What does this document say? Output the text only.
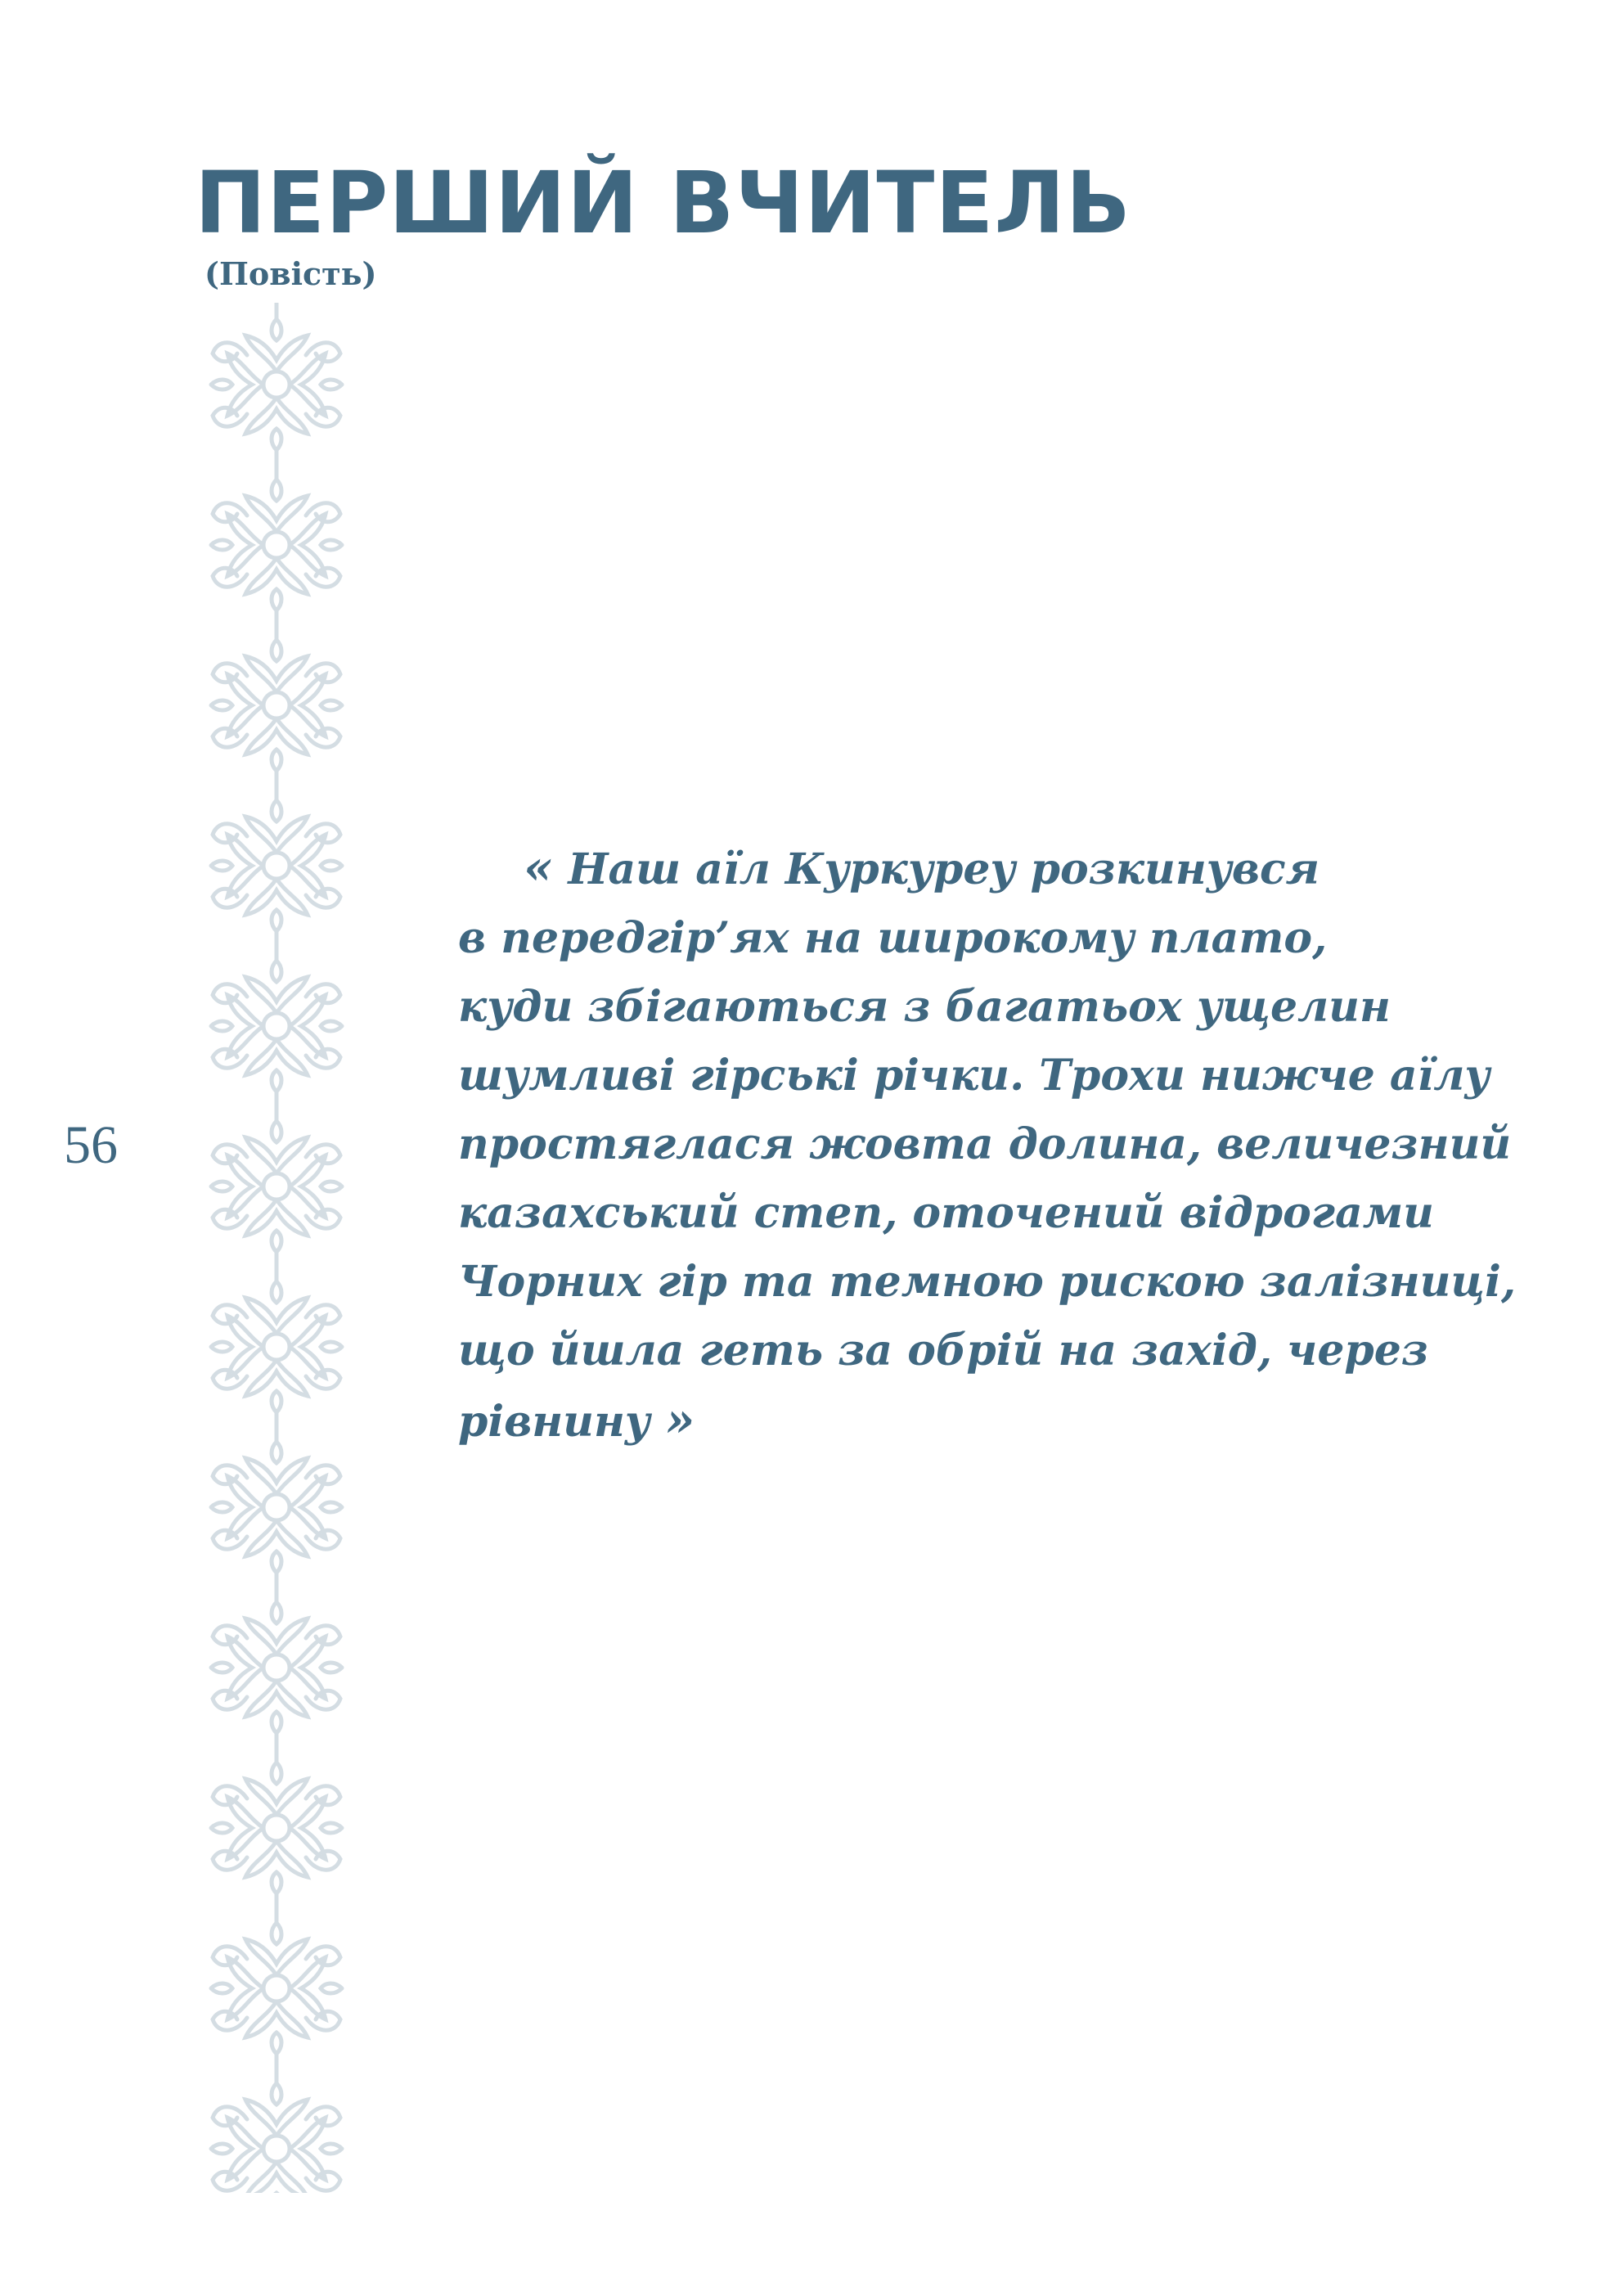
ПЕРШИЙ ВЧИТЕЛЬ
(Повість)
56
« Наш аїл Куркуреу розкинувся
в передгір’ях на широкому плато,
куди збігаються з багатьох ущелин
шумливі гірські річки. Трохи нижче аїлу
простяглася жовта долина, величезний
казахський степ, оточений відрогами
Чорних гір та темною рискою залізниці,
що йшла геть за обрій на захід, через
рівнину »
